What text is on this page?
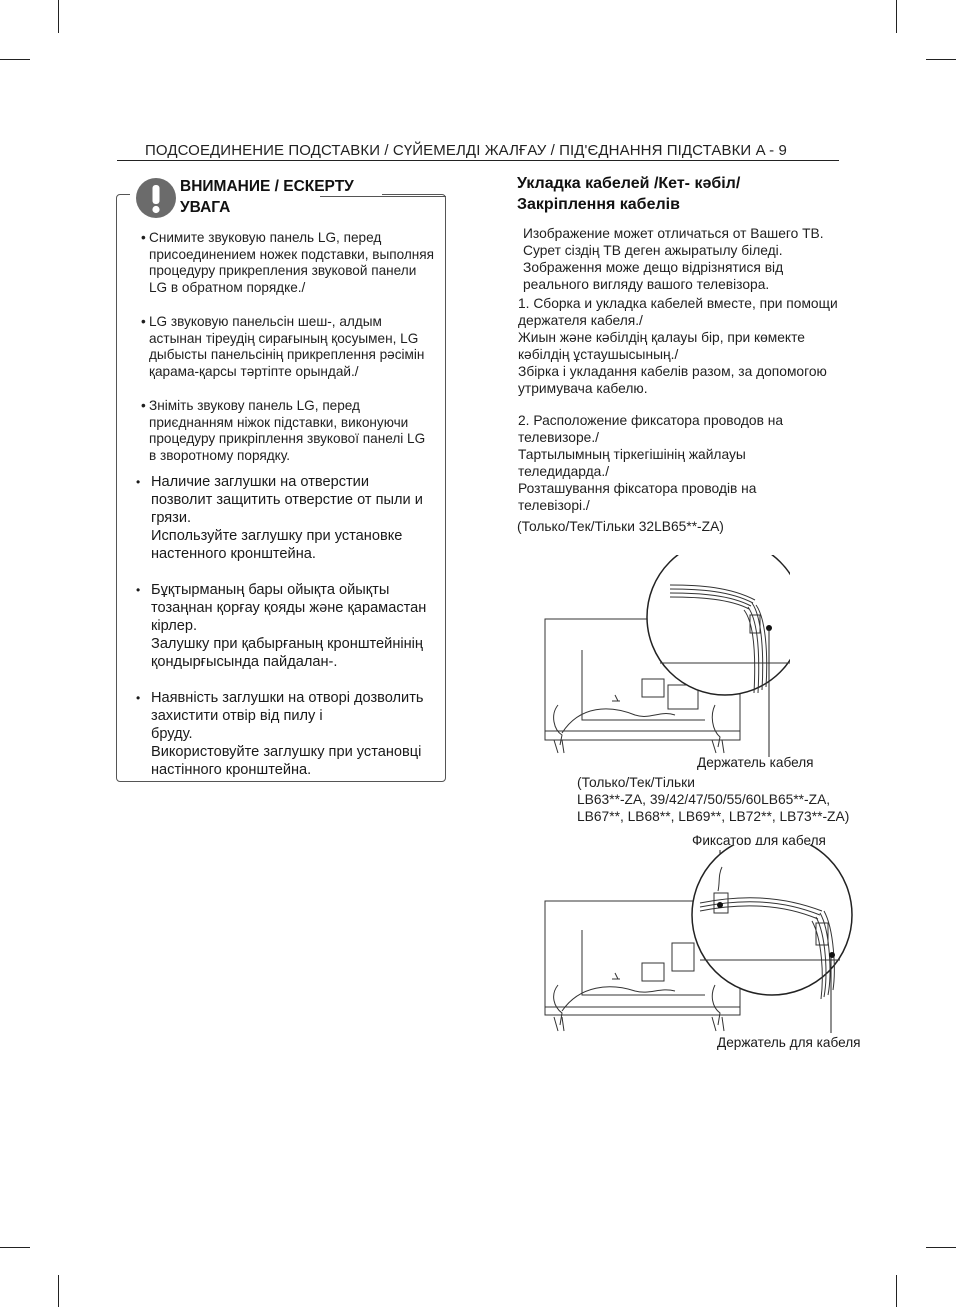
ПОДСОЕДИНЕНИЕ ПОДСТАВКИ / СҮЙЕМЕЛДІ ЖАЛҒАУ / ПІД'ЄДНАННЯ ПІДСТАВКИ A - 9
ВНИМАНИЕ / ЕСКЕРТУ
УВАГА
• Снимите звуковую панель LG, перед
присоединением ножек подставки, выполняя
процедуру прикрепления звуковой панели
LG в обратном порядке./
• LG звуковую панельсін шеш-, алдым
астынан тіреудің сирағының қосуымен, LG
дыбысты панельсінің прикреплення рәсімін
қарама-қарсы тәртіпте орындай./
• Зніміть звукову панель LG, перед
приєднанням ніжок підставки, виконуючи
процедуру прикріплення звукової панелі LG
в зворотному порядку.
• Наличие заглушки на отверстии
позволит защитить отверстие от пыли и
грязи.
Используйте заглушку при установке
настенного кронштейна.
• Бұқтырманың бары ойықта ойықты
тозаңнан қорғау қояды және қарамастан
кірлер.
Залушку при қабырғаның кронштейнінің
қондырғысында пайдалан-.
• Наявність заглушки на отворі дозволить
захистити отвір від пилу і
бруду.
Використовуйте заглушку при установці
настінного кронштейна.
Укладка кабелей /Кет- кәбіл/
Закріплення кабелів
Изображение может отличаться от Вашего ТВ.
Сурет сіздің ТВ деген ажыратылу біледі.
Зображення може дещо відрізнятися від
реального вигляду вашого телевізора.
1. Сборка и укладка кабелей вместе, при помощи
держателя кабеля./
Жиын және кәбілдің қалауы бір, при көмекте
кәбілдің ұстаушысының./
Збірка і укладання кабелів разом, за допомогою
утримувача кабелю.
2. Расположение фиксатора проводов на
телевизоре./
Тартылымның тіркегішінің жайлауы
теледидарда./
Розташування фіксатора проводів на
телевізорі./
(Только/Тек/Тільки 32LB65**-ZA)
Держатель кабеля
(Только/Тек/Тільки
LB63**-ZA, 39/42/47/50/55/60LB65**-ZA,
LB67**, LB68**, LB69**, LB72**, LB73**-ZA)
Фиксатор для кабеля
Держатель для кабеля
